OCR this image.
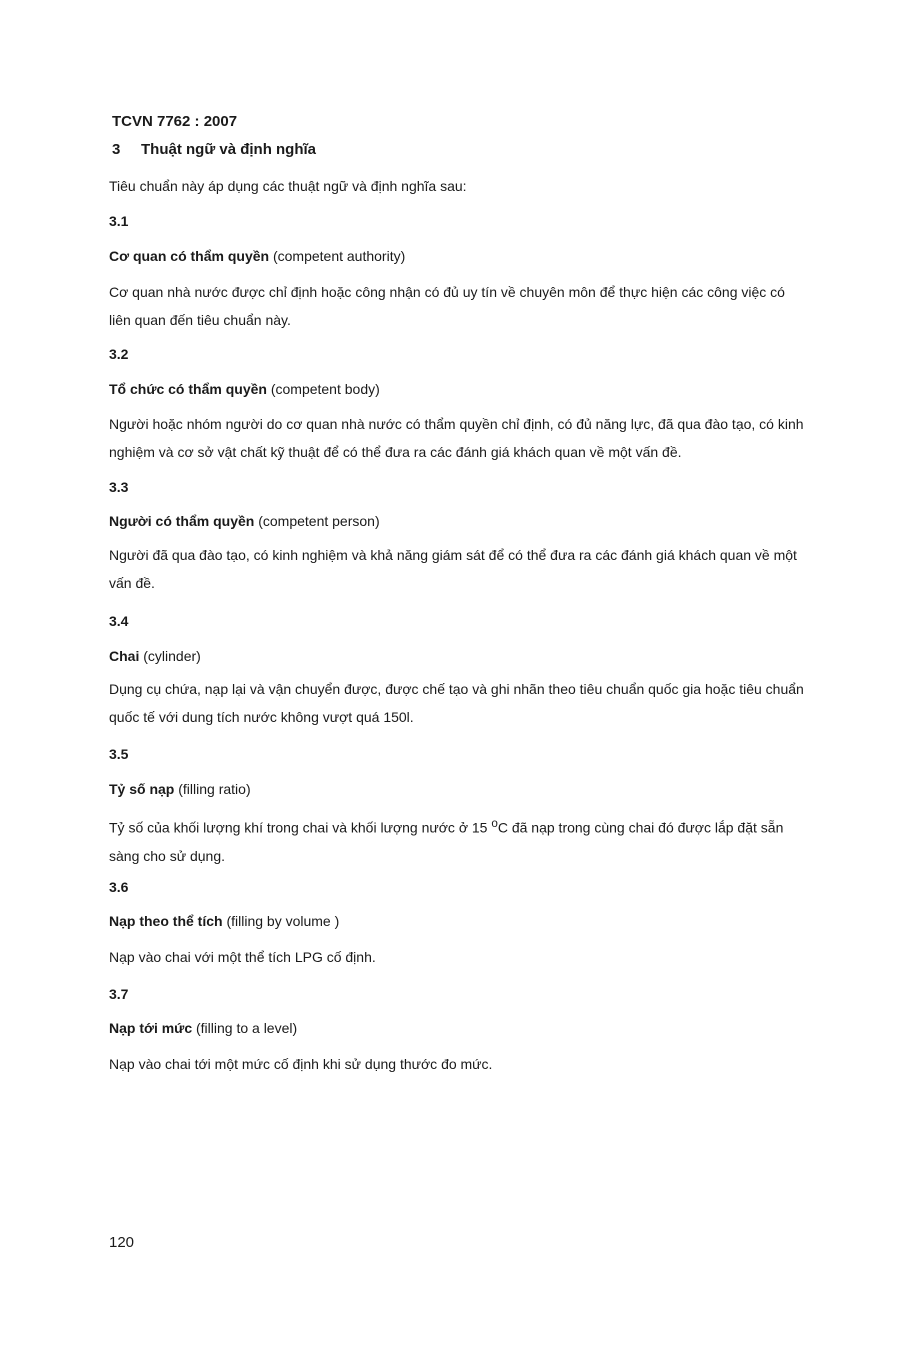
TCVN 7762 : 2007
3 Thuật ngữ và định nghĩa
Tiêu chuẩn này áp dụng các thuật ngữ và định nghĩa sau:
3.1
Cơ quan có thẩm quyền (competent authority)
Cơ quan nhà nước được chỉ định hoặc công nhận có đủ uy tín về chuyên môn để thực hiện các công việc có liên quan đến tiêu chuẩn này.
3.2
Tổ chức có thẩm quyền (competent body)
Người hoặc nhóm người do cơ quan nhà nước có thẩm quyền chỉ định, có đủ năng lực, đã qua đào tạo, có kinh nghiệm và cơ sở vật chất kỹ thuật để có thể đưa ra các đánh giá khách quan về một vấn đề.
3.3
Người có thẩm quyền (competent person)
Người đã qua đào tạo, có kinh nghiệm và khả năng giám sát để có thể đưa ra các đánh giá khách quan về một vấn đề.
3.4
Chai (cylinder)
Dụng cụ chứa, nạp lại và vận chuyển được, được chế tạo và ghi nhãn theo tiêu chuẩn quốc gia hoặc tiêu chuẩn quốc tế với dung tích nước không vượt quá 150l.
3.5
Tỷ số nạp (filling ratio)
Tỷ số của khối lượng khí trong chai và khối lượng nước ở 15 $^o$C đã nạp trong cùng chai đó được lắp đặt sẵn sàng cho sử dụng.
3.6
Nạp theo thể tích (filling by volume )
Nạp vào chai với một thể tích LPG cố định.
3.7
Nạp tới mức (filling to a level)
Nạp vào chai tới một mức cố định khi sử dụng thước đo mức.
120
